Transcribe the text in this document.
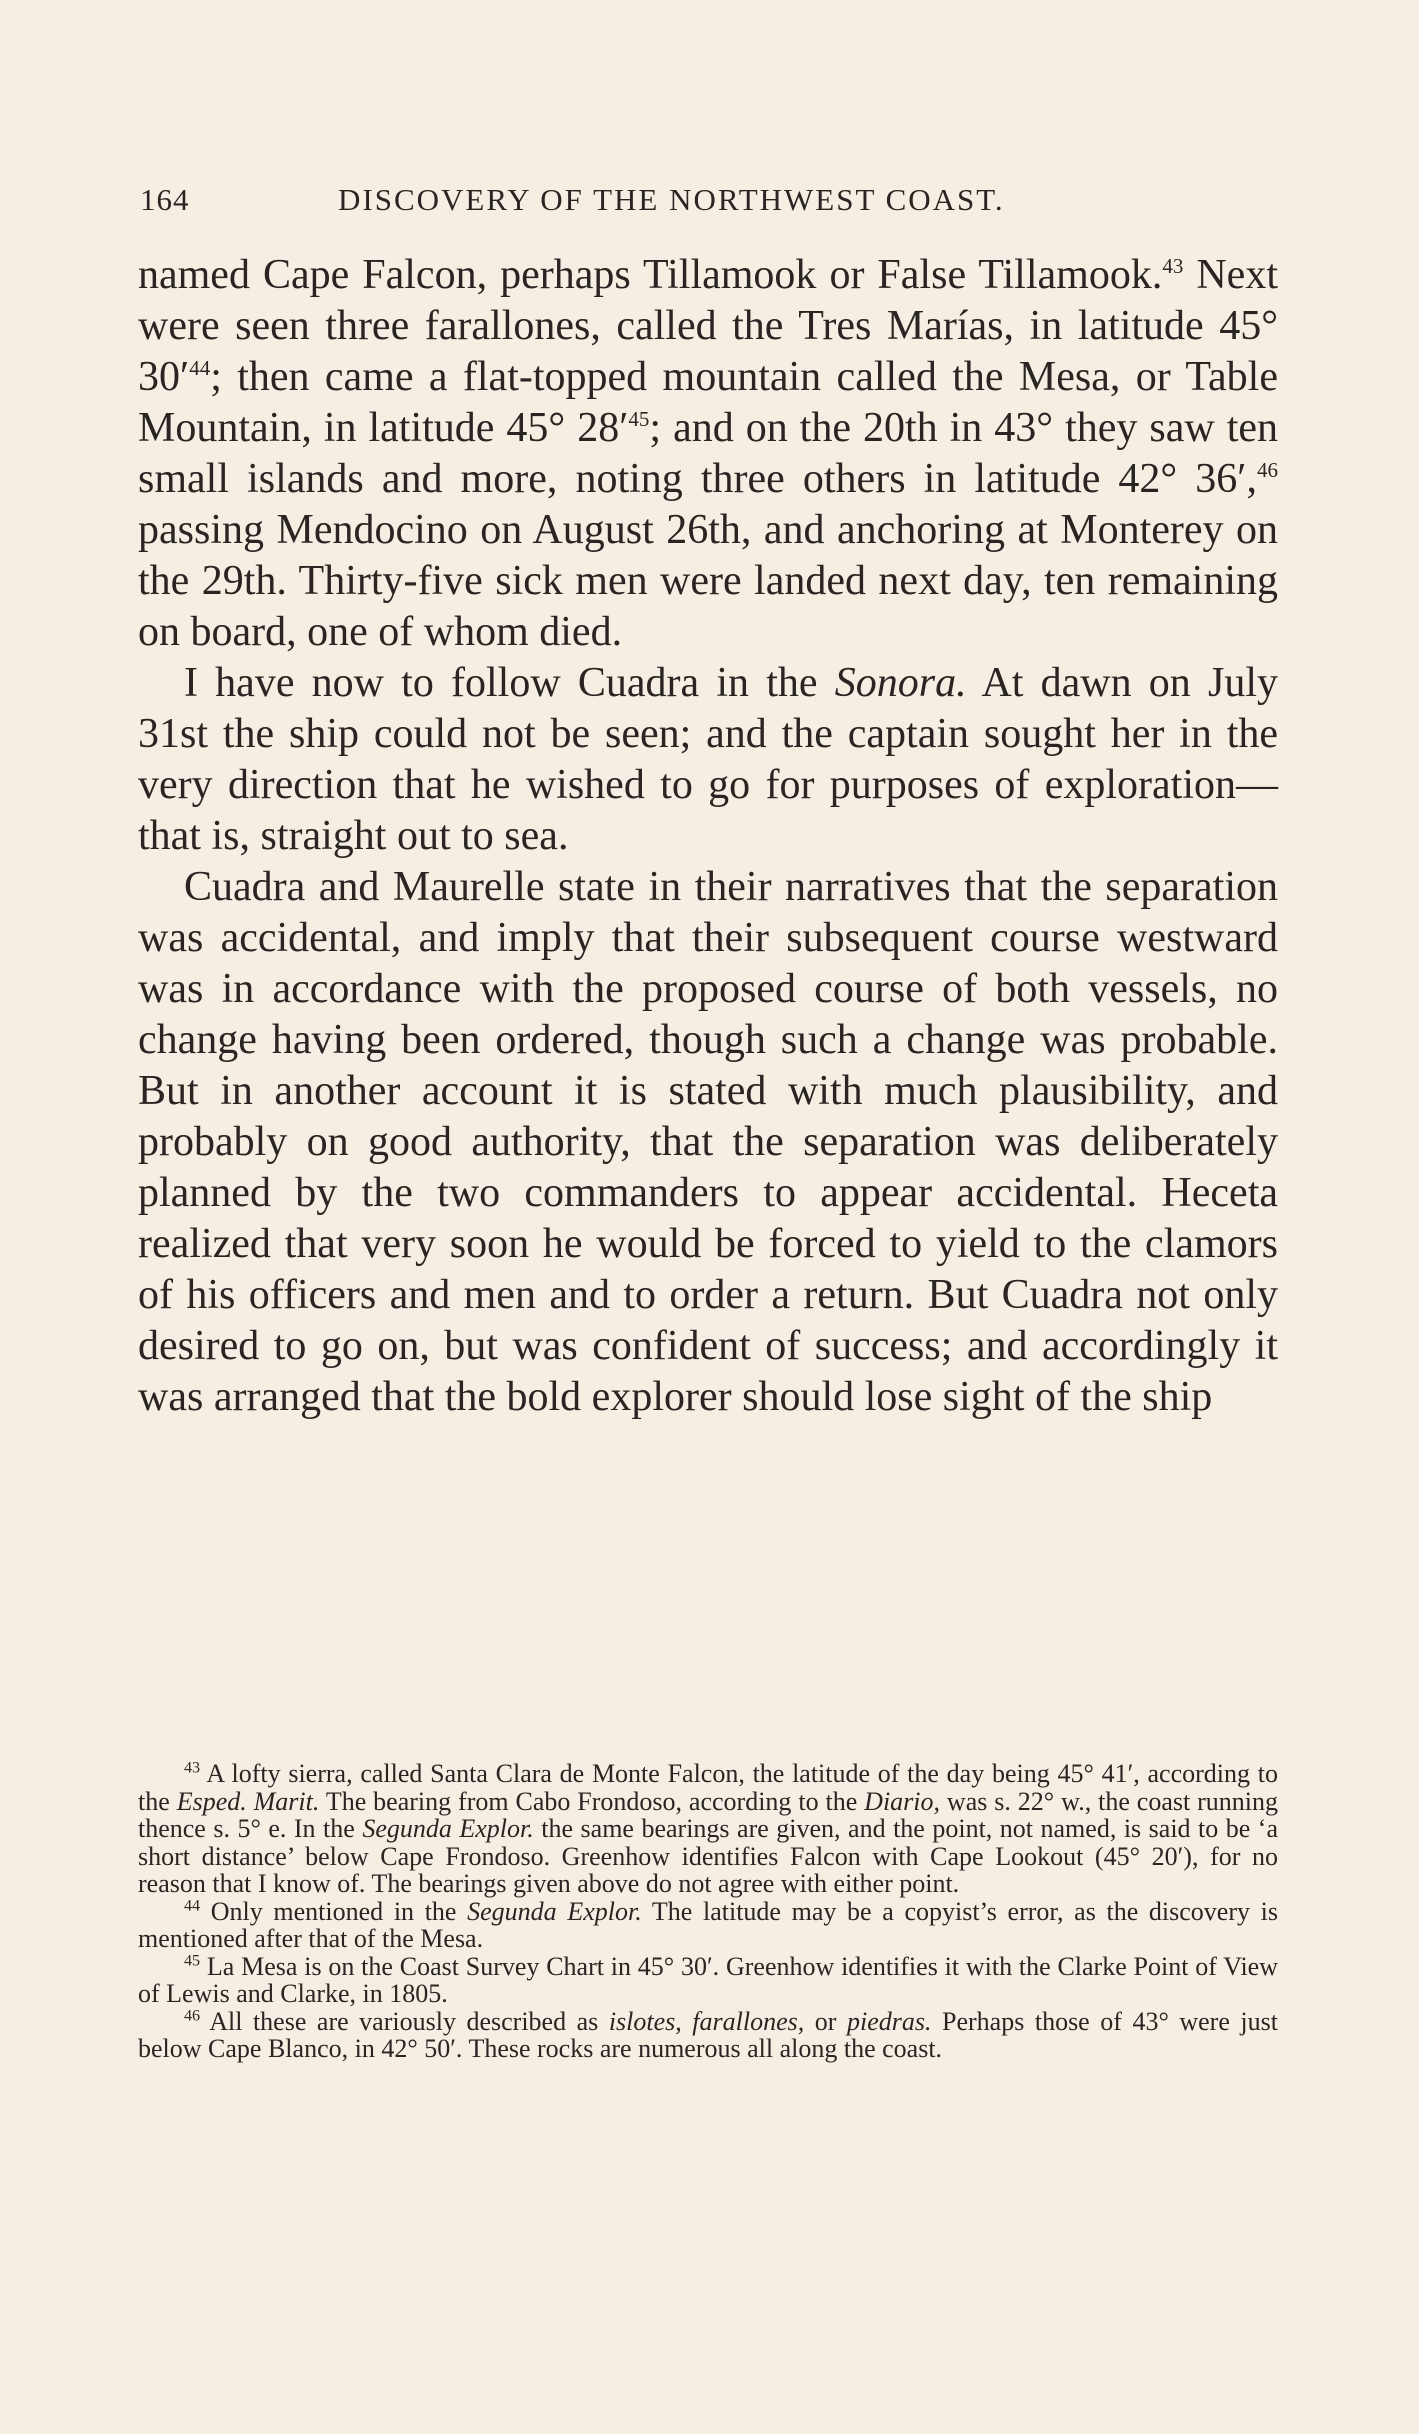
164	DISCOVERY OF THE NORTHWEST COAST.

named Cape Falcon, perhaps Tillamook or False Tillamook.$^{43}$ Next were seen three farallones, called the Tres Marías, in latitude 45° $30'^{44}$; then came a flat-topped mountain called the Mesa, or Table Mountain, in latitude 45° $28'^{45}$; and on the 20th in 43° they saw ten small islands and more, noting three others in latitude 42° 36′,$^{46}$ passing Mendocino on August 26th, and anchoring at Monterey on the 29th. Thirty-five sick men were landed next day, ten remaining on board, one of whom died.

I have now to follow Cuadra in the Sonora. At dawn on July 31st the ship could not be seen; and the captain sought her in the very direction that he wished to go for purposes of exploration—that is, straight out to sea.

Cuadra and Maurelle state in their narratives that the separation was accidental, and imply that their subsequent course westward was in accordance with the proposed course of both vessels, no change having been ordered, though such a change was probable. But in another account it is stated with much plausibility, and probably on good authority, that the separation was deliberately planned by the two commanders to appear accidental. Heceta realized that very soon he would be forced to yield to the clamors of his officers and men and to order a return. But Cuadra not only desired to go on, but was confident of success; and accordingly it was arranged that the bold explorer should lose sight of the ship

$^{43}$ A lofty sierra, called Santa Clara de Monte Falcon, the latitude of the day being 45° 41′, according to the Esped. Marit. The bearing from Cabo Frondoso, according to the Diario, was s. 22° w., the coast running thence s. 5° e. In the Segunda Explor. the same bearings are given, and the point, not named, is said to be ‘a short distance’ below Cape Frondoso. Greenhow identifies Falcon with Cape Lookout (45° 20′), for no reason that I know of. The bearings given above do not agree with either point.

$^{44}$ Only mentioned in the Segunda Explor. The latitude may be a copyist’s error, as the discovery is mentioned after that of the Mesa.

$^{45}$ La Mesa is on the Coast Survey Chart in 45° 30′. Greenhow identifies it with the Clarke Point of View of Lewis and Clarke, in 1805.

$^{46}$ All these are variously described as islotes, farallones, or piedras. Perhaps those of 43° were just below Cape Blanco, in 42° 50′. These rocks are numerous all along the coast.
